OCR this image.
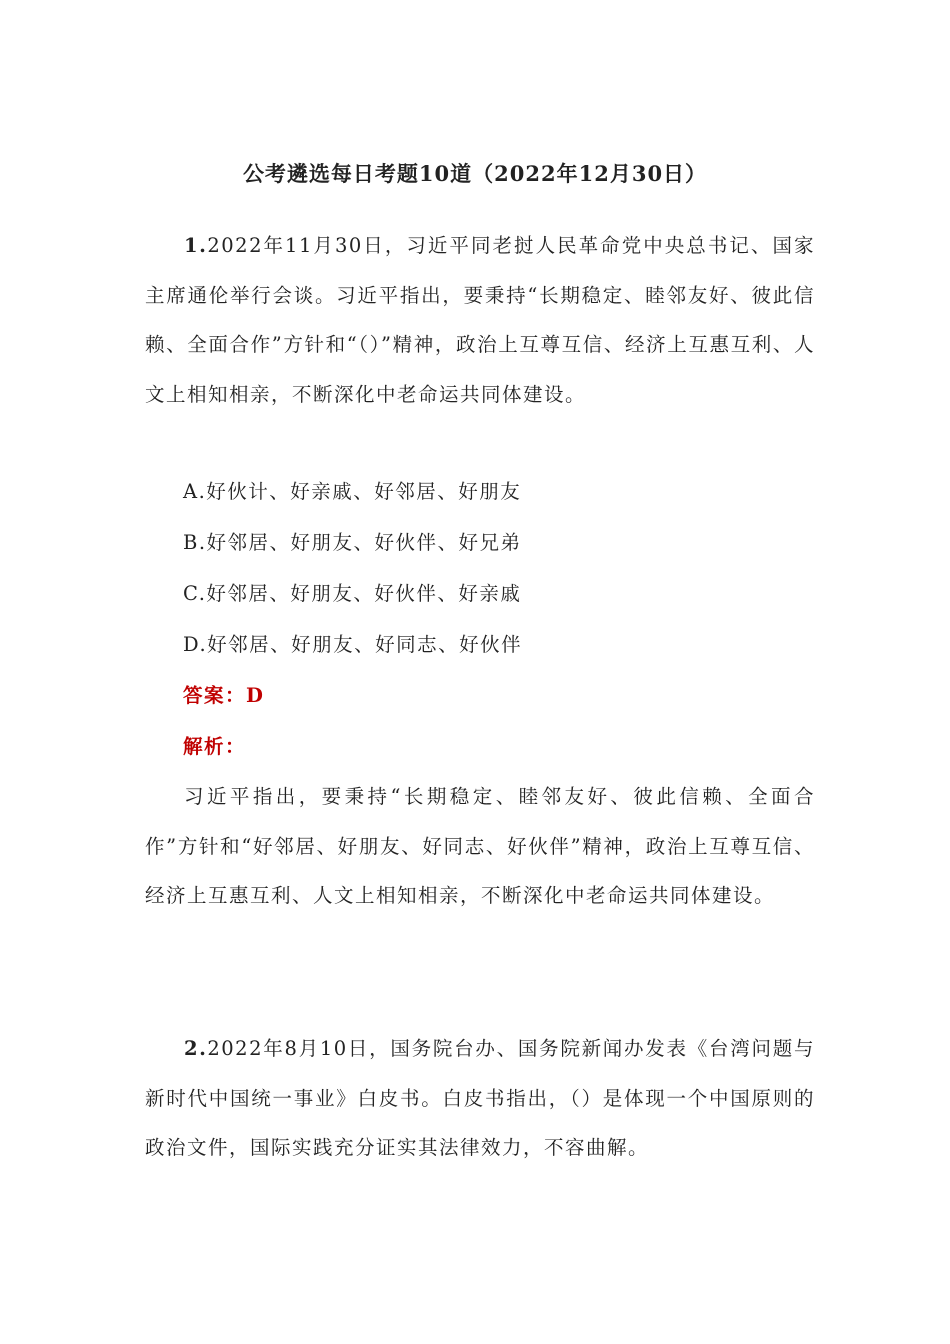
公考遴选每日考题10道（2022年12月30日）

1.2022年11月30日，习近平同老挝人民革命党中央总书记、国家主席通伦举行会谈。习近平指出，要秉持“长期稳定、睦邻友好、彼此信赖、全面合作”方针和“（）”精神，政治上互尊互信、经济上互惠互利、人文上相知相亲，不断深化中老命运共同体建设。

A.好伙计、好亲戚、好邻居、好朋友
B.好邻居、好朋友、好伙伴、好兄弟
C.好邻居、好朋友、好伙伴、好亲戚
D.好邻居、好朋友、好同志、好伙伴
答案：D
解析：

习近平指出，要秉持“长期稳定、睦邻友好、彼此信赖、全面合作”方针和“好邻居、好朋友、好同志、好伙伴”精神，政治上互尊互信、经济上互惠互利、人文上相知相亲，不断深化中老命运共同体建设。

2.2022年8月10日，国务院台办、国务院新闻办发表《台湾问题与新时代中国统一事业》白皮书。白皮书指出，（）是体现一个中国原则的政治文件，国际实践充分证实其法律效力，不容曲解。
